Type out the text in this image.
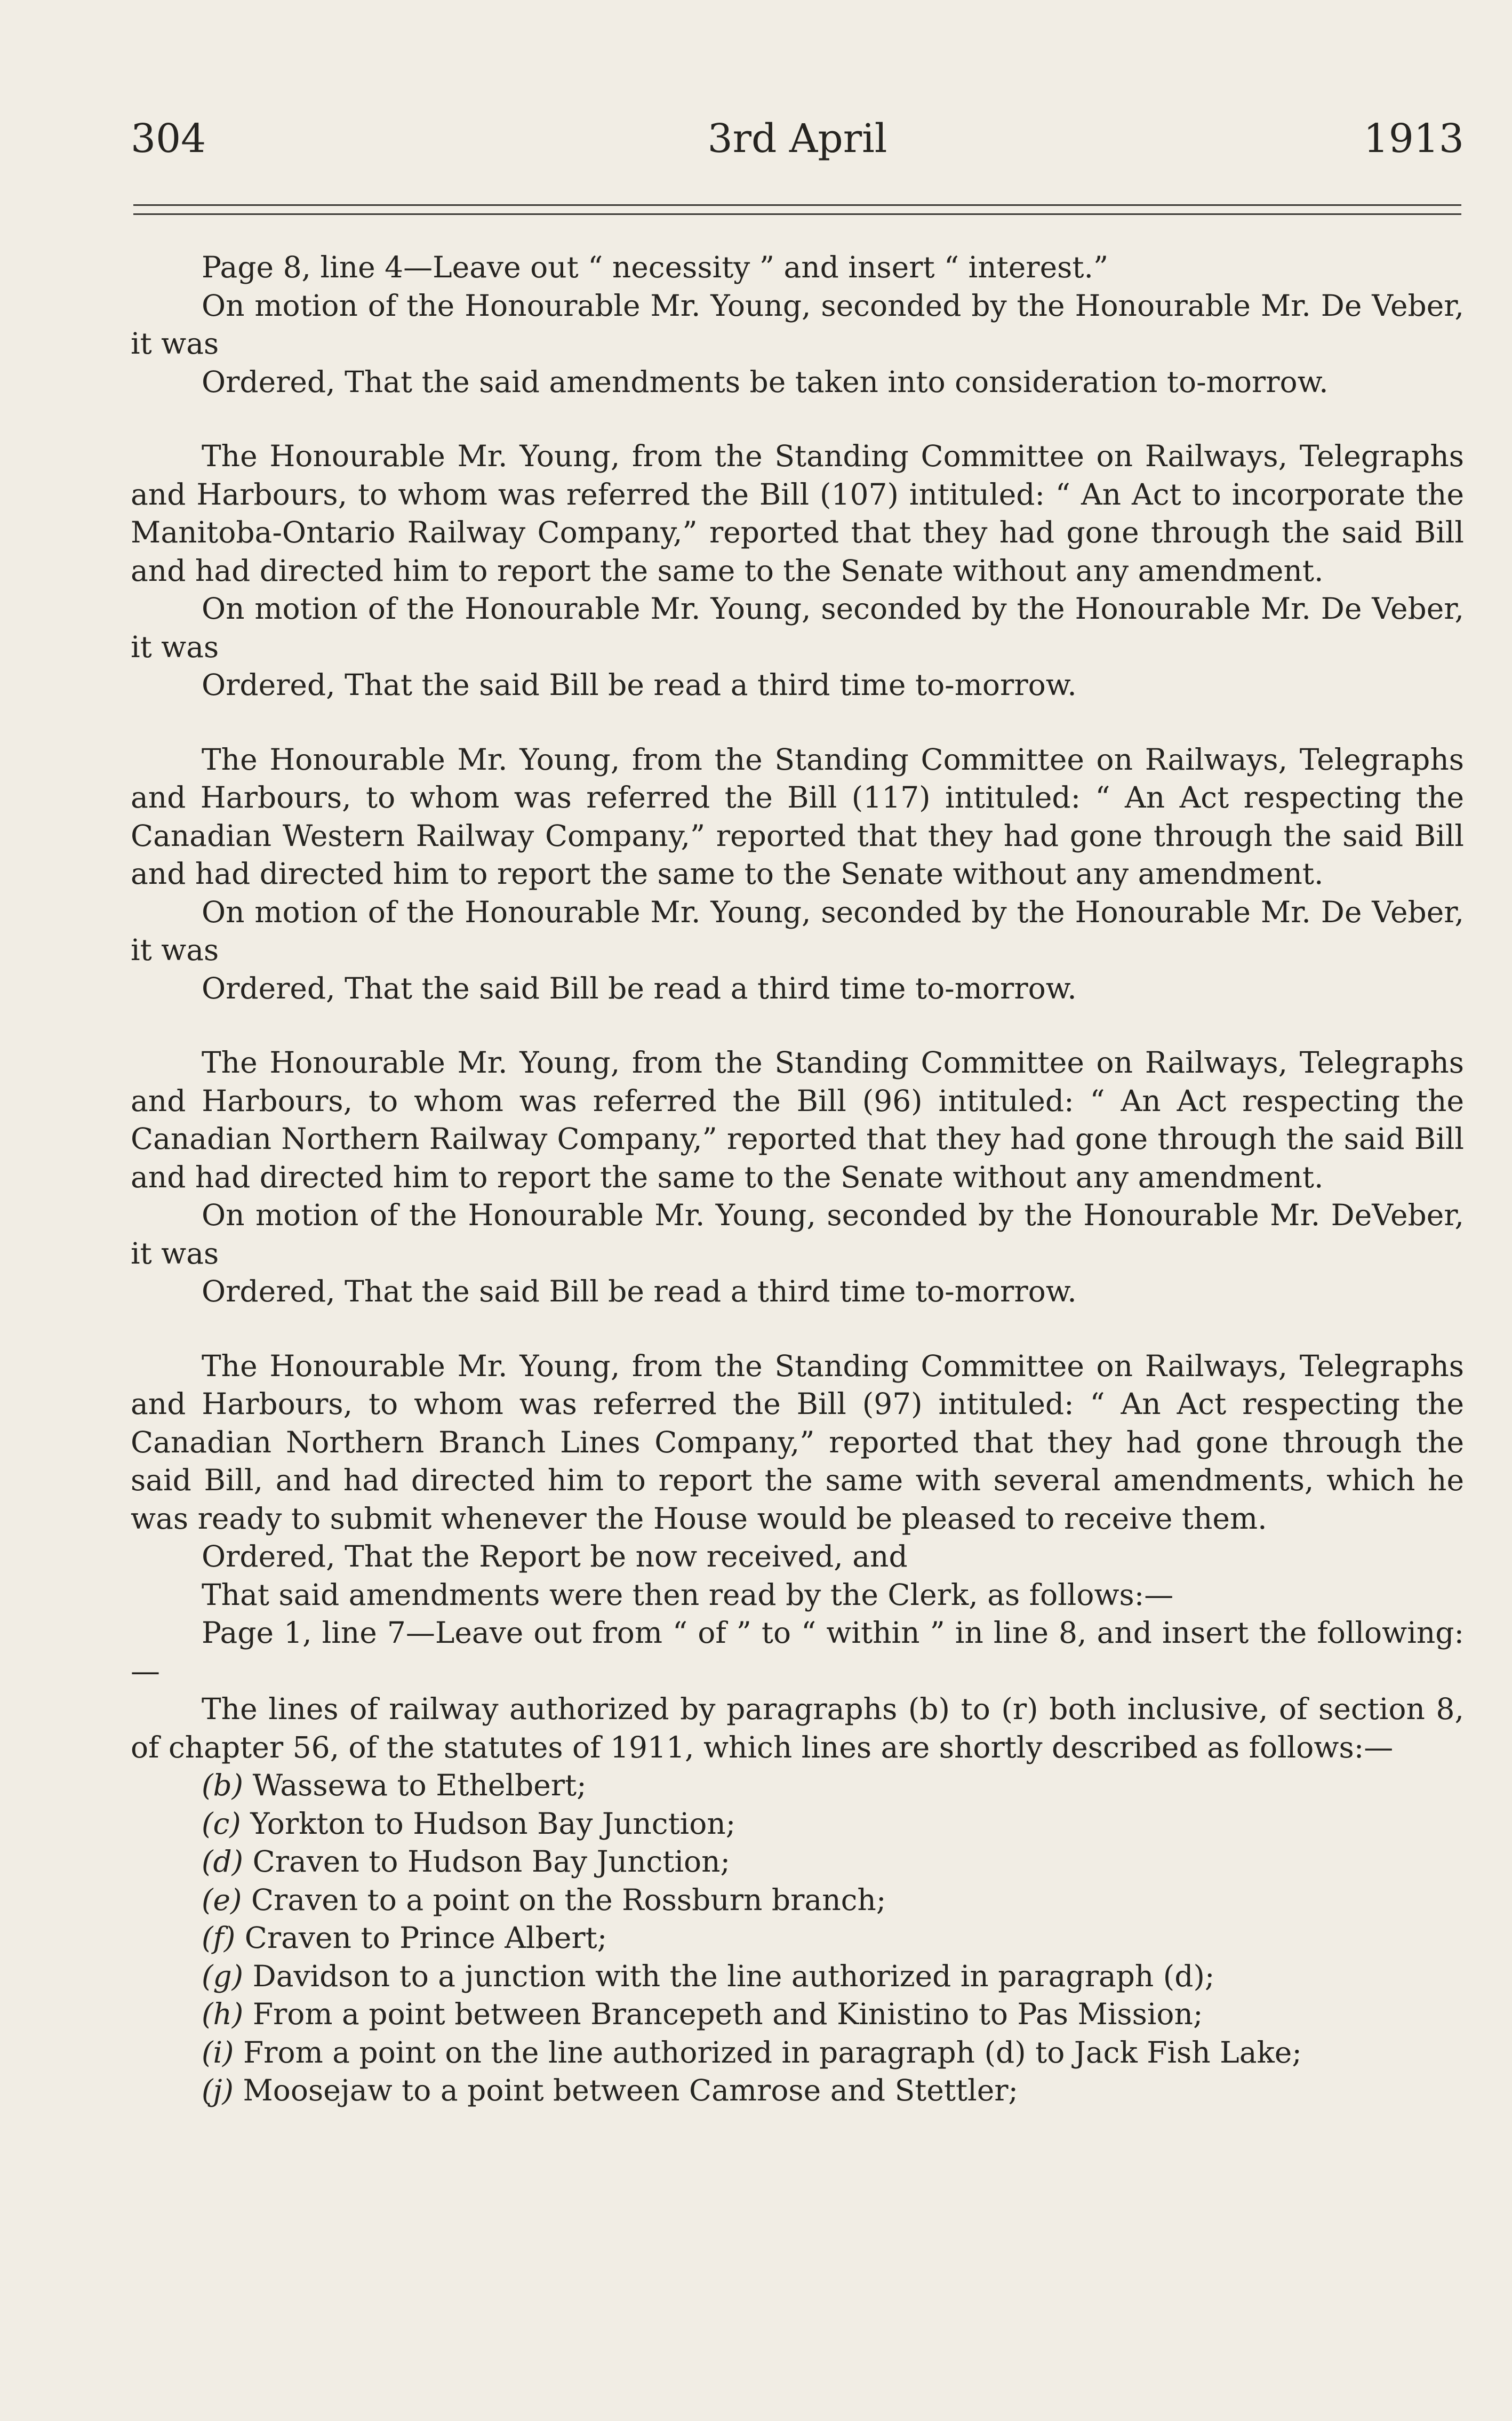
304	3rd April	1913

Page 8, line 4—Leave out “ necessity ” and insert “ interest.”

On motion of the Honourable Mr. Young, seconded by the Honourable Mr. De Veber, it was

Ordered, That the said amendments be taken into consideration to-morrow.

The Honourable Mr. Young, from the Standing Committee on Railways, Telegraphs and Harbours, to whom was referred the Bill (107) intituled: “ An Act to incorporate the Manitoba-Ontario Railway Company,” reported that they had gone through the said Bill and had directed him to report the same to the Senate without any amendment.

On motion of the Honourable Mr. Young, seconded by the Honourable Mr. De Veber, it was

Ordered, That the said Bill be read a third time to-morrow.

The Honourable Mr. Young, from the Standing Committee on Railways, Telegraphs and Harbours, to whom was referred the Bill (117) intituled: “ An Act respecting the Canadian Western Railway Company,” reported that they had gone through the said Bill and had directed him to report the same to the Senate without any amendment.

On motion of the Honourable Mr. Young, seconded by the Honourable Mr. De Veber, it was

Ordered, That the said Bill be read a third time to-morrow.

The Honourable Mr. Young, from the Standing Committee on Railways, Telegraphs and Harbours, to whom was referred the Bill (96) intituled: “ An Act respecting the Canadian Northern Railway Company,” reported that they had gone through the said Bill and had directed him to report the same to the Senate without any amendment.

On motion of the Honourable Mr. Young, seconded by the Honourable Mr. DeVeber, it was

Ordered, That the said Bill be read a third time to-morrow.

The Honourable Mr. Young, from the Standing Committee on Railways, Telegraphs and Harbours, to whom was referred the Bill (97) intituled: “ An Act respecting the Canadian Northern Branch Lines Company,” reported that they had gone through the said Bill, and had directed him to report the same with several amendments, which he was ready to submit whenever the House would be pleased to receive them.

Ordered, That the Report be now received, and

That said amendments were then read by the Clerk, as follows:—

Page 1, line 7—Leave out from “ of ” to “ within ” in line 8, and insert the following:—

The lines of railway authorized by paragraphs (b) to (r) both inclusive, of section 8, of chapter 56, of the statutes of 1911, which lines are shortly described as follows:—

(b) Wassewa to Ethelbert;
(c) Yorkton to Hudson Bay Junction;
(d) Craven to Hudson Bay Junction;
(e) Craven to a point on the Rossburn branch;
(f) Craven to Prince Albert;
(g) Davidson to a junction with the line authorized in paragraph (d);
(h) From a point between Brancepeth and Kinistino to Pas Mission;
(i) From a point on the line authorized in paragraph (d) to Jack Fish Lake;
(j) Moosejaw to a point between Camrose and Stettler;
